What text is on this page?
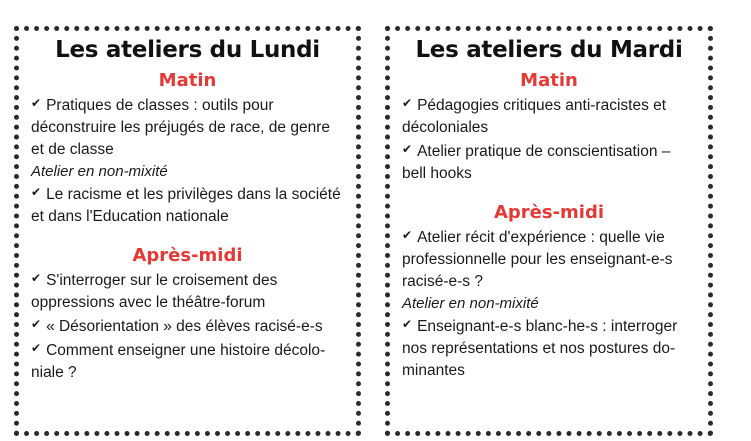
Les ateliers du Lundi
Matin

✔ Pratiques de classes : outils pour déconstruire les préjugés de race, de genre et de classe

Atelier en non-mixité

✔ Le racisme et les privilèges dans la société et dans l'Education nationale

Après-midi

✔ S'interroger sur le croisement des oppressions avec le théâtre-forum

✔ « Désorientation » des élèves racisé-e-s

✔ Comment enseigner une histoire décoloniale ?

Les ateliers du Mardi
Matin

✔ Pédagogies critiques anti-racistes et décoloniales

✔ Atelier pratique de conscientisation – bell hooks

Après-midi

✔ Atelier récit d'expérience : quelle vie professionnelle pour les enseignant-e-s racisé-e-s ?

Atelier en non-mixité

✔ Enseignant-e-s blanc-he-s : interroger nos représentations et nos postures dominantes
